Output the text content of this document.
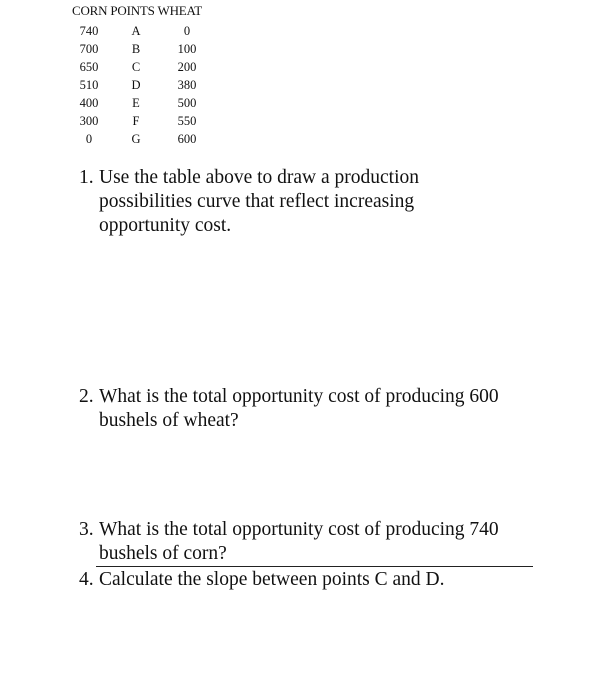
CORN POINTS WHEAT
740	A	0
700	B	100
650	C	200
510	D	380
400	E	500
300	F	550
0	G	600
1. Use the table above to draw a production
possibilities curve that reflect increasing
opportunity cost.
2. What is the total opportunity cost of producing 600
bushels of wheat?
3. What is the total opportunity cost of producing 740
bushels of corn?
4. Calculate the slope between points C and D.
